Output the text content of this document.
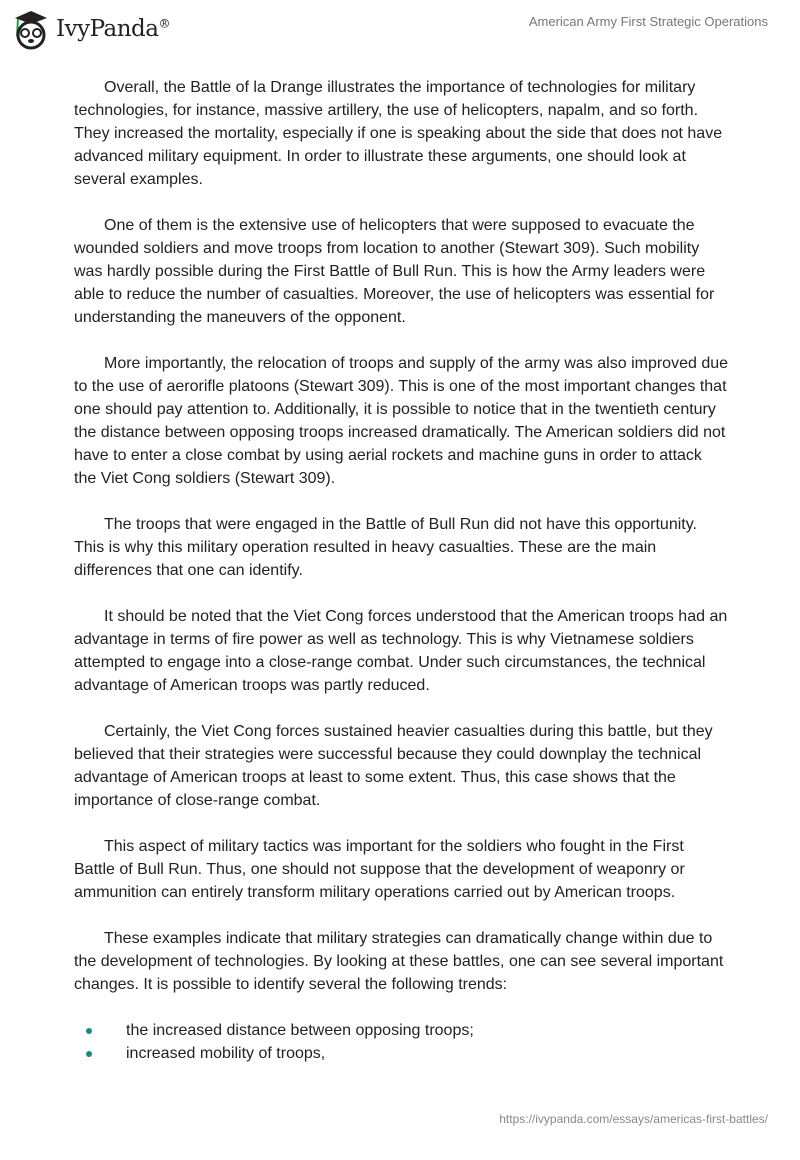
IvyPanda®	American Army First Strategic Operations

Overall, the Battle of la Drange illustrates the importance of technologies for military technologies, for instance, massive artillery, the use of helicopters, napalm, and so forth. They increased the mortality, especially if one is speaking about the side that does not have advanced military equipment. In order to illustrate these arguments, one should look at several examples.

One of them is the extensive use of helicopters that were supposed to evacuate the wounded soldiers and move troops from location to another (Stewart 309). Such mobility was hardly possible during the First Battle of Bull Run. This is how the Army leaders were able to reduce the number of casualties. Moreover, the use of helicopters was essential for understanding the maneuvers of the opponent.

More importantly, the relocation of troops and supply of the army was also improved due to the use of aerorifle platoons (Stewart 309). This is one of the most important changes that one should pay attention to. Additionally, it is possible to notice that in the twentieth century the distance between opposing troops increased dramatically. The American soldiers did not have to enter a close combat by using aerial rockets and machine guns in order to attack the Viet Cong soldiers (Stewart 309).

The troops that were engaged in the Battle of Bull Run did not have this opportunity. This is why this military operation resulted in heavy casualties. These are the main differences that one can identify.

It should be noted that the Viet Cong forces understood that the American troops had an advantage in terms of fire power as well as technology. This is why Vietnamese soldiers attempted to engage into a close-range combat. Under such circumstances, the technical advantage of American troops was partly reduced.

Certainly, the Viet Cong forces sustained heavier casualties during this battle, but they believed that their strategies were successful because they could downplay the technical advantage of American troops at least to some extent. Thus, this case shows that the importance of close-range combat.

This aspect of military tactics was important for the soldiers who fought in the First Battle of Bull Run. Thus, one should not suppose that the development of weaponry or ammunition can entirely transform military operations carried out by American troops.

These examples indicate that military strategies can dramatically change within due to the development of technologies. By looking at these battles, one can see several important changes. It is possible to identify several the following trends:

the increased distance between opposing troops;
increased mobility of troops,
https://ivypanda.com/essays/americas-first-battles/
